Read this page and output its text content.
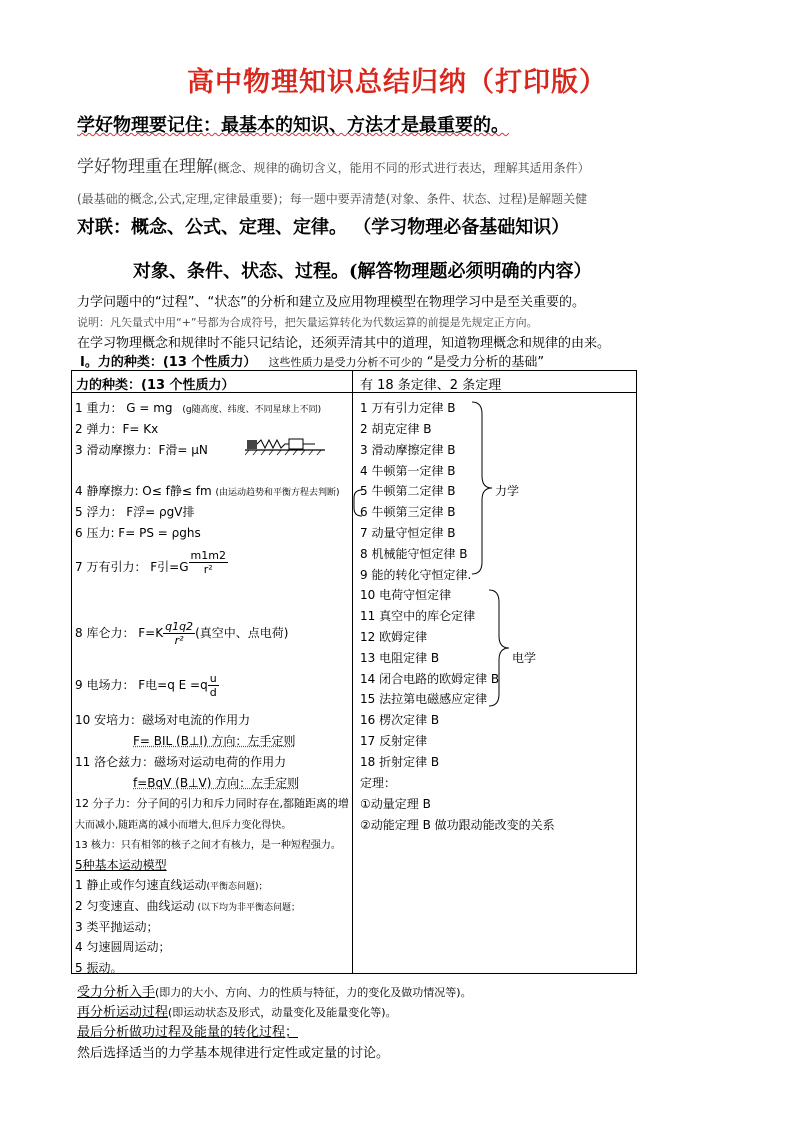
高中物理知识总结归纳（打印版）
学好物理要记住：最基本的知识、方法才是最重要的。
学好物理重在理解(概念、规律的确切含义，能用不同的形式进行表达，理解其适用条件）
(最基础的概念,公式,定理,定律最重要)；每一题中要弄清楚(对象、条件、状态、过程)是解题关健
对联：概念、公式、定理、定律。 （学习物理必备基础知识）
对象、条件、状态、过程。(解答物理题必须明确的内容）
力学问题中的“过程”、“状态”的分析和建立及应用物理模型在物理学习中是至关重要的。
说明：凡矢量式中用“+”号都为合成符号，把矢量运算转化为代数运算的前提是先规定正方向。
在学习物理概念和规律时不能只记结论，还须弄清其中的道理，知道物理概念和规律的由来。
Ⅰ。力的种类：(13 个性质力） 这些性质力是受力分析不可少的 “是受力分析的基础”
力的种类：(13 个性质力）	有 18 条定律、2 条定理
1 重力： G = mg (g随高度、纬度、不同星球上不同)
2 弹力：F= Kx
3 滑动摩擦力：F滑= μN
4 静摩擦力: O≤ f静≤ fm (由运动趋势和平衡方程去判断)
5 浮力： F浮= ρgV排
6 压力: F= PS = ρghs
7 万有引力： F引$=G \frac{m1m2}{\text{r²}}$
8 库仑力： $F=K \frac{q1q2}{\text{r²}}$ (真空中、点电荷)
9 电场力： F电=q $E =q \frac{u}{d}$
10 安培力：磁场对电流的作用力
F= BIL (B⊥I) 方向：左手定则
11 洛仑兹力：磁场对运动电荷的作用力
f=BqV (B⊥V) 方向：左手定则
12 分子力：分子间的引力和斥力同时存在,都随距离的增
大而减小,随距离的减小而增大,但斥力变化得快。
13 核力：只有相邻的核子之间才有核力，是一种短程强力。
5种基本运动模型
1 静止或作匀速直线运动(平衡态问题)；
2 匀变速直、曲线运动 (以下均为非平衡态问题；
3 类平抛运动；
4 匀速圆周运动；
5 振动。
1 万有引力定律 B
2 胡克定律 B
3 滑动摩擦定律 B
4 牛顿第一定律 B
5 牛顿第二定律 B
6 牛顿第三定律 B
7 动量守恒定律 B
8 机械能守恒定律 B
9 能的转化守恒定律.
10 电荷守恒定律
11 真空中的库仑定律
12 欧姆定律
13 电阻定律 B
14 闭合电路的欧姆定律 B
15 法拉第电磁感应定律
16 楞次定律 B
17 反射定律
18 折射定律 B
定理：
①动量定理 B
②动能定理 B 做功跟动能改变的关系
力学
电学
受力分析入手(即力的大小、方向、力的性质与特征，力的变化及做功情况等)。
再分析运动过程(即运动状态及形式，动量变化及能量变化等)。
最后分析做功过程及能量的转化过程；
然后选择适当的力学基本规律进行定性或定量的讨论。
